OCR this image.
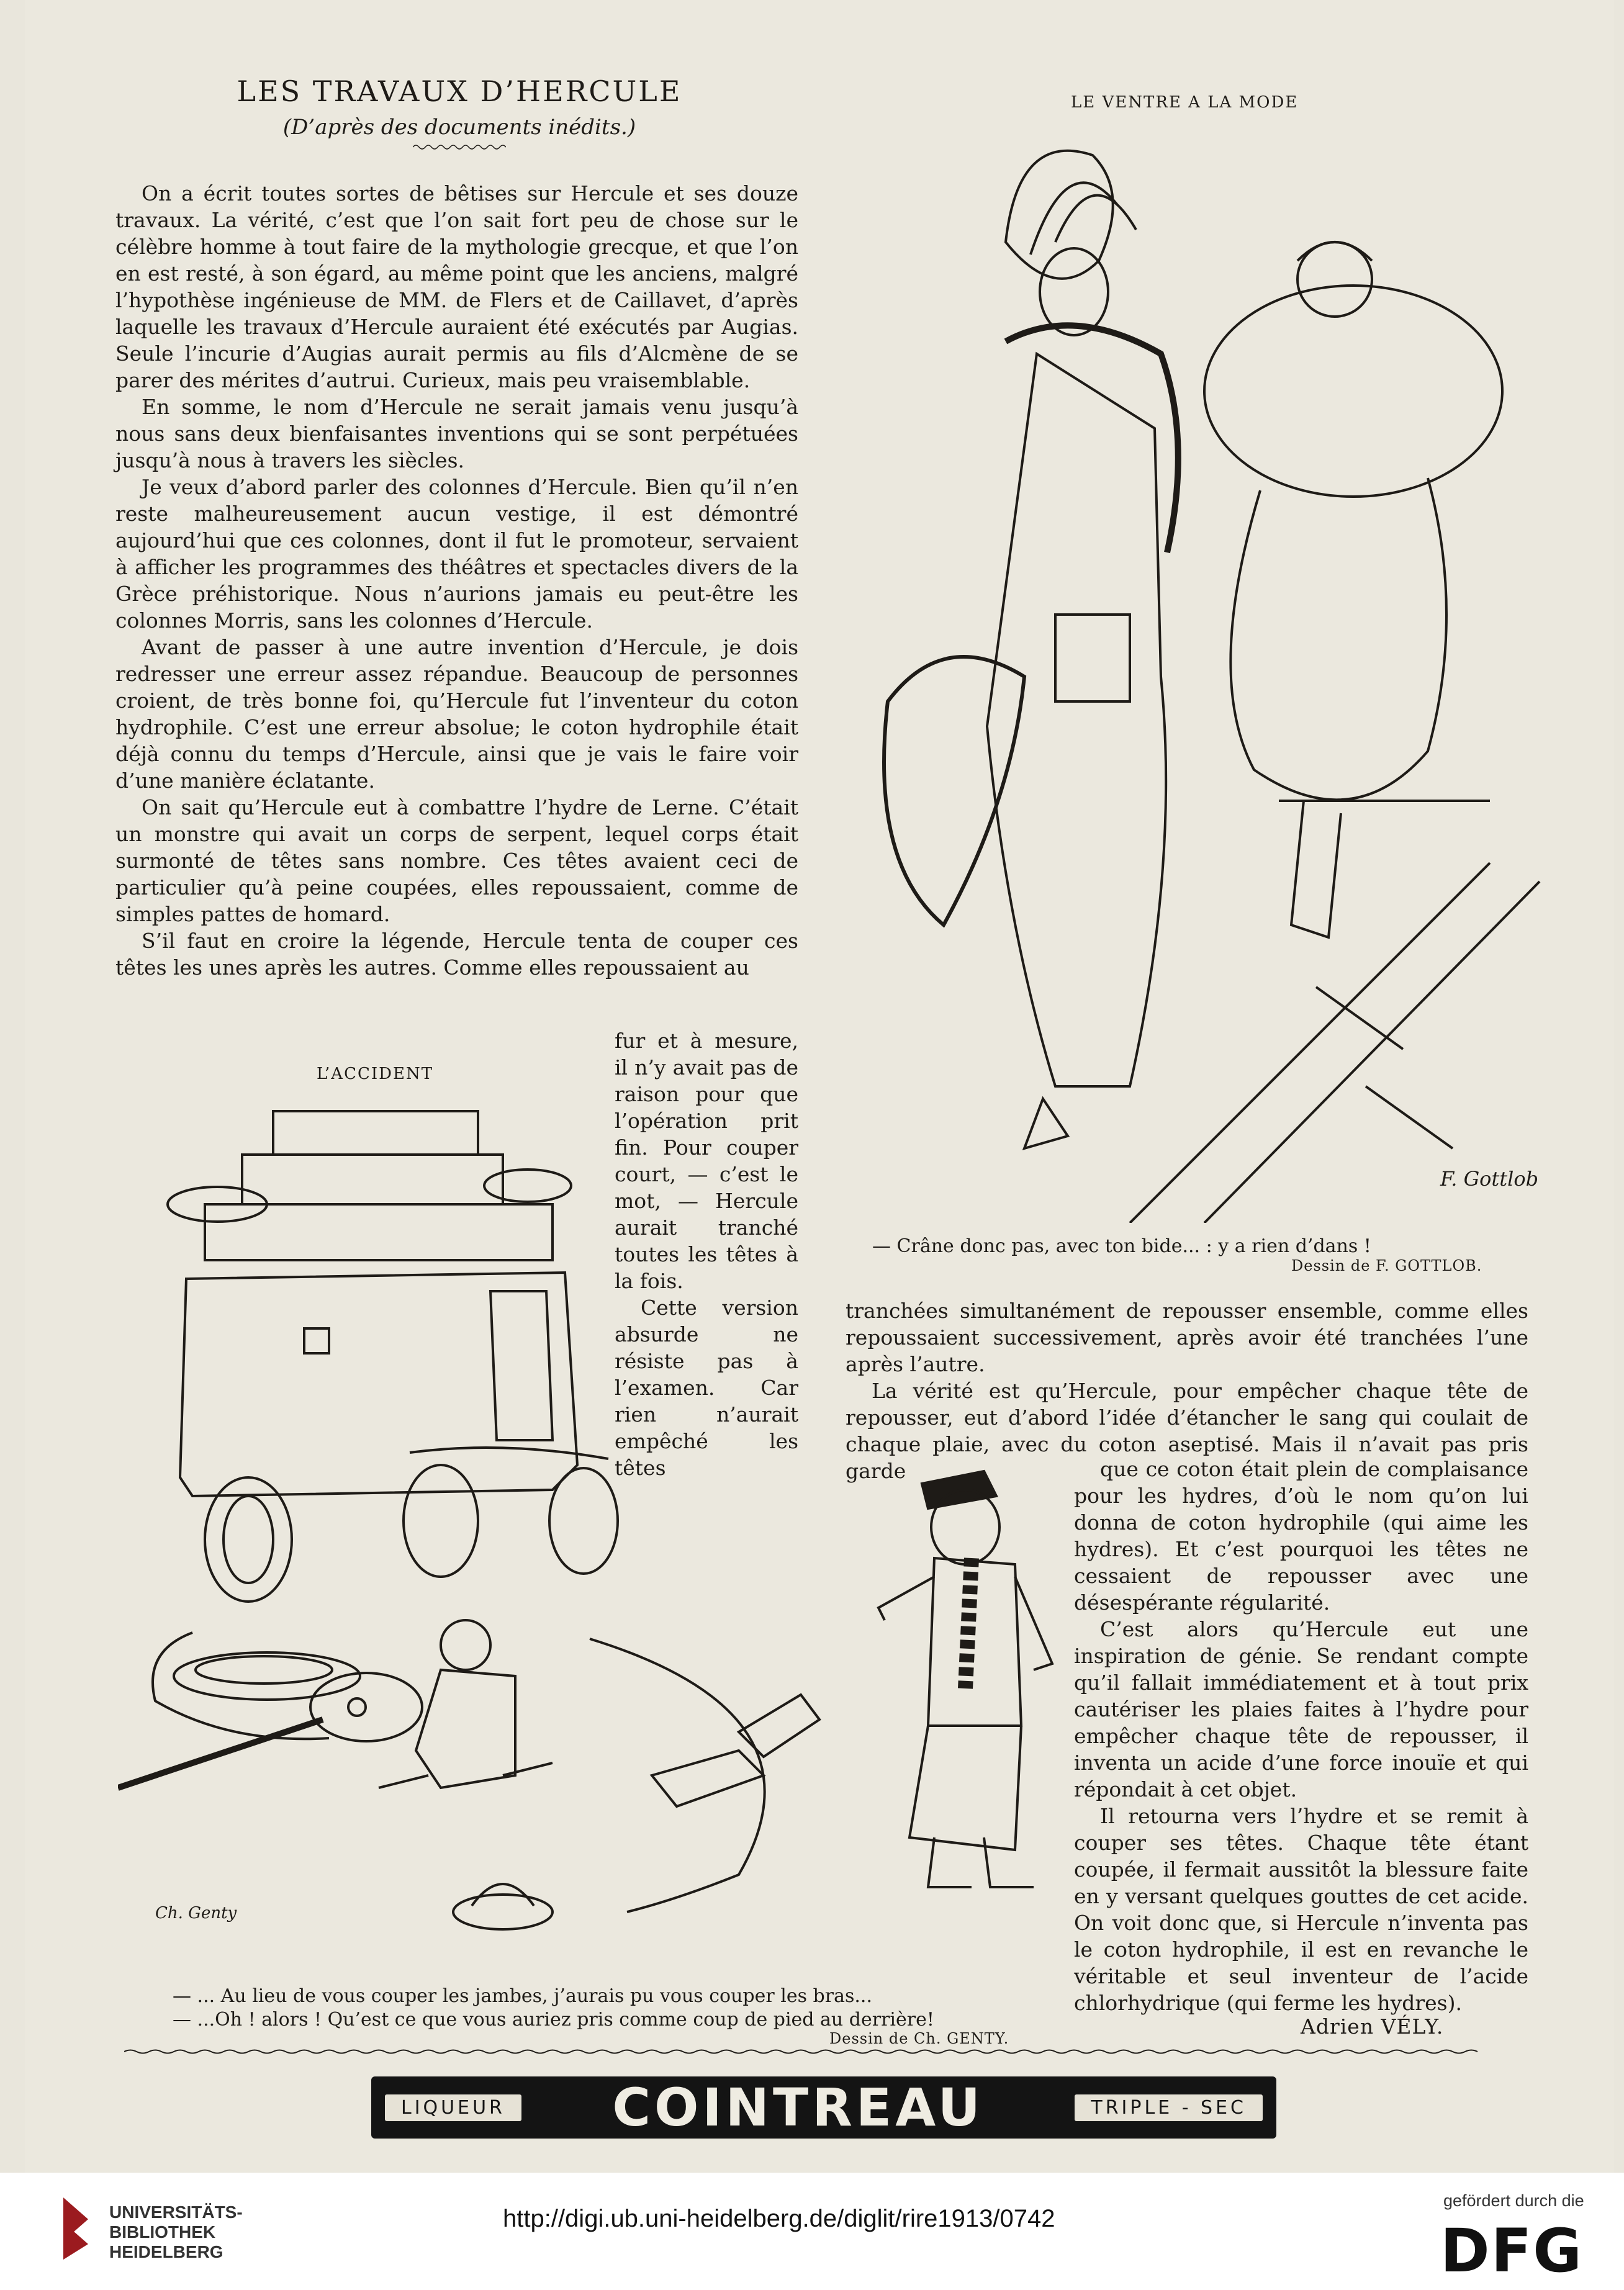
LES TRAVAUX D’HERCULE
(D’après des documents inédits.)

On a écrit toutes sortes de bêtises sur Hercule et ses douze travaux. La vérité, c’est que l’on sait fort peu de chose sur le célèbre homme à tout faire de la mythologie grecque, et que l’on en est resté, à son égard, au même point que les anciens, malgré l’hypothèse ingénieuse de MM. de Flers et de Caillavet, d’après laquelle les travaux d’Hercule auraient été exécutés par Augias. Seule l’incurie d’Augias aurait permis au fils d’Alcmène de se parer des mérites d’autrui. Curieux, mais peu vraisemblable.

En somme, le nom d’Hercule ne serait jamais venu jusqu’à nous sans deux bienfaisantes inventions qui se sont perpétuées jusqu’à nous à travers les siècles.

Je veux d’abord parler des colonnes d’Hercule. Bien qu’il n’en reste malheureusement aucun vestige, il est démontré aujourd’hui que ces colonnes, dont il fut le promoteur, servaient à afficher les programmes des théâtres et spectacles divers de la Grèce préhistorique. Nous n’aurions jamais eu peut-être les colonnes Morris, sans les colonnes d’Hercule.

Avant de passer à une autre invention d’Hercule, je dois redresser une erreur assez répandue. Beaucoup de personnes croient, de très bonne foi, qu’Hercule fut l’inventeur du coton hydrophile. C’est une erreur absolue; le coton hydrophile était déjà connu du temps d’Hercule, ainsi que je vais le faire voir d’une manière éclatante.

On sait qu’Hercule eut à combattre l’hydre de Lerne. C’était un monstre qui avait un corps de serpent, lequel corps était surmonté de têtes sans nombre. Ces têtes avaient ceci de particulier qu’à peine coupées, elles repoussaient, comme de simples pattes de homard.

S’il faut en croire la légende, Hercule tenta de couper ces têtes les unes après les autres. Comme elles repoussaient au

fur et à mesure, il n’y avait pas de raison pour que l’opération prit fin. Pour couper court, — c’est le mot, — Hercule aurait tranché toutes les têtes à la fois.

Cette version absurde ne résiste pas à l’examen. Car rien n’aurait empêché les têtes

L’ACCIDENT
Ch. Genty
— ... Au lieu de vous couper les jambes, j’aurais pu vous couper les bras...
— ...Oh ! alors ! Qu’est ce que vous auriez pris comme coup de pied au derrière!
Dessin de Ch. GENTY.
LE VENTRE A LA MODE
F. Gottlob
— Crâne donc pas, avec ton bide... : y a rien d’dans !
Dessin de F. GOTTLOB.

tranchées simultanément de repousser ensemble, comme elles repoussaient successivement, après avoir été tranchées l’une après l’autre.

La vérité est qu’Hercule, pour empêcher chaque tête de repousser, eut d’abord l’idée d’étancher le sang qui coulait de chaque plaie, avec du coton aseptisé. Mais il n’avait pas pris garde	que ce coton était plein de complaisance pour les hydres, d’où le nom qu’on lui donna de coton hydrophile (qui aime les hydres). Et c’est pourquoi les têtes ne cessaient de repousser avec une désespérante régularité.

C’est alors qu’Hercule eut une inspiration de génie. Se rendant compte qu’il fallait immédiatement et à tout prix cautériser les plaies faites à l’hydre pour empêcher chaque tête de repousser, il inventa un acide d’une force inouïe et qui répondait à cet objet.

Il retourna vers l’hydre et se remit à couper ses têtes. Chaque tête étant coupée, il fermait aussitôt la blessure faite en y versant quelques gouttes de cet acide. On voit donc que, si Hercule n’inventa pas le coton hydrophile, il est en revanche le véritable et seul inventeur de l’acide chlorhydrique (qui ferme les hydres).

Adrien VÉLY.
LIQUEUR	COINTREAU	TRIPLE - SEC
UNIVERSITÄTS-
BIBLIOTHEK
HEIDELBERG
http://digi.ub.uni-heidelberg.de/diglit/rire1913/0742
gefördert durch die
DFG
